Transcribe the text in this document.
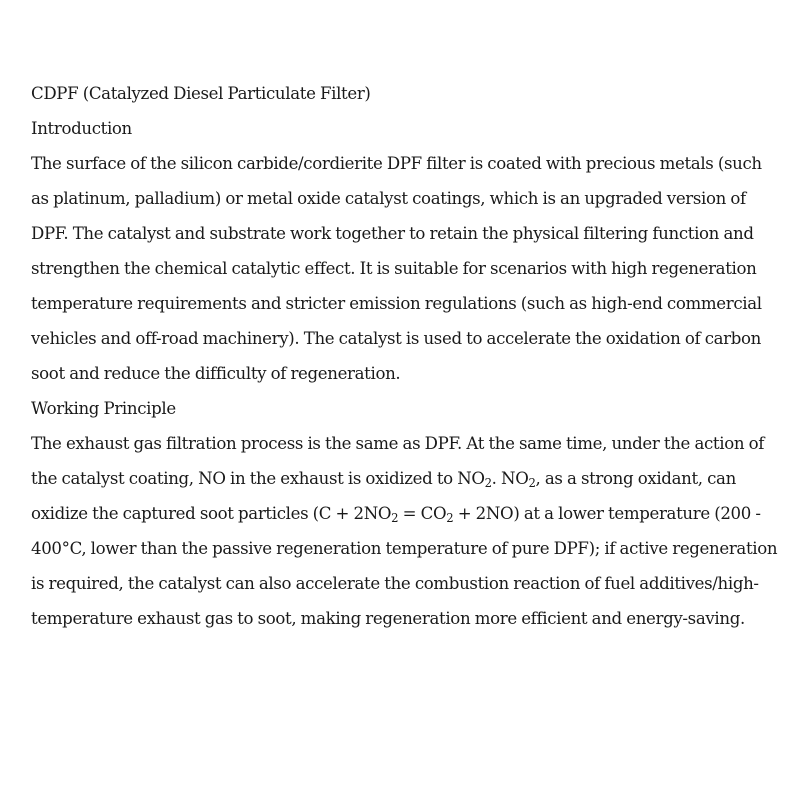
CDPF (Catalyzed Diesel Particulate Filter)

Introduction

The surface of the silicon carbide/cordierite DPF filter is coated with precious metals (such as platinum, palladium) or metal oxide catalyst coatings, which is an upgraded version of DPF. The catalyst and substrate work together to retain the physical filtering function and strengthen the chemical catalytic effect. It is suitable for scenarios with high regeneration temperature requirements and stricter emission regulations (such as high-end commercial vehicles and off-road machinery). The catalyst is used to accelerate the oxidation of carbon soot and reduce the difficulty of regeneration.

Working Principle

The exhaust gas filtration process is the same as DPF. At the same time, under the action of the catalyst coating, NO in the exhaust is oxidized to $NO_2$. $NO_2$, as a strong oxidant, can oxidize the captured soot particles $(C + 2NO_2 = CO_2 + 2NO)$ at a lower temperature (200 - 400°C, lower than the passive regeneration temperature of pure DPF); if active regeneration is required, the catalyst can also accelerate the combustion reaction of fuel additives/high-temperature exhaust gas to soot, making regeneration more efficient and energy-saving.
